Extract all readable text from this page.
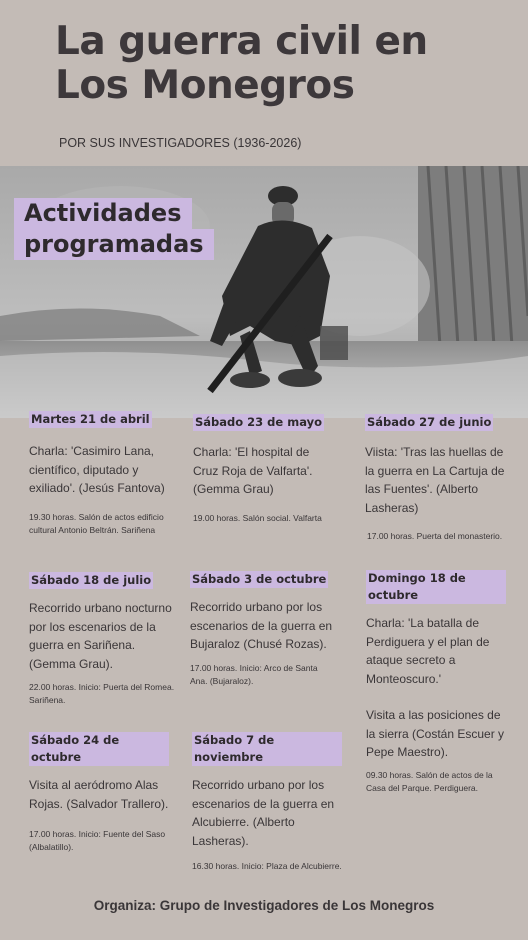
La guerra civil en
Los Monegros
POR SUS INVESTIGADORES (1936-2026)
Actividades
programadas
Martes 21 de abril
Charla: 'Casimiro Lana, científico, diputado y exiliado'. (Jesús Fantova)
19.30 horas. Salón de actos edificio cultural Antonio Beltrán. Sariñena
Sábado 23 de mayo
Charla: 'El hospital de Cruz Roja de Valfarta'. (Gemma Grau)
19.00 horas. Salón social. Valfarta
Sábado 27 de junio
Viista: 'Tras las huellas de la guerra en La Cartuja de las Fuentes'. (Alberto Lasheras)
17.00 horas. Puerta del monasterio.
Sábado 18 de julio
Recorrido urbano nocturno por los escenarios de la guerra en Sariñena. (Gemma Grau).
22.00 horas. Inicio: Puerta del Romea. Sariñena.
Sábado 3 de octubre
Recorrido urbano por los escenarios de la guerra en Bujaraloz (Chusé Rozas).
17.00 horas. Inicio: Arco de Santa Ana. (Bujaraloz).
Domingo 18 de octubre
Charla: 'La batalla de Perdiguera y el plan de ataque secreto a Monteoscuro.'
Visita a las posiciones de la sierra (Costán Escuer y Pepe Maestro).
09.30 horas. Salón de actos de la Casa del Parque. Perdiguera.
Sábado 24 de octubre
Visita al aeródromo Alas Rojas. (Salvador Trallero).
17.00 horas. Inicio: Fuente del Saso (Albalatillo).
Sábado 7 de noviembre
Recorrido urbano por los escenarios de la guerra en Alcubierre. (Alberto Lasheras).
16.30 horas. Inicio: Plaza de Alcubierre.
Organiza: Grupo de Investigadores de Los Monegros
